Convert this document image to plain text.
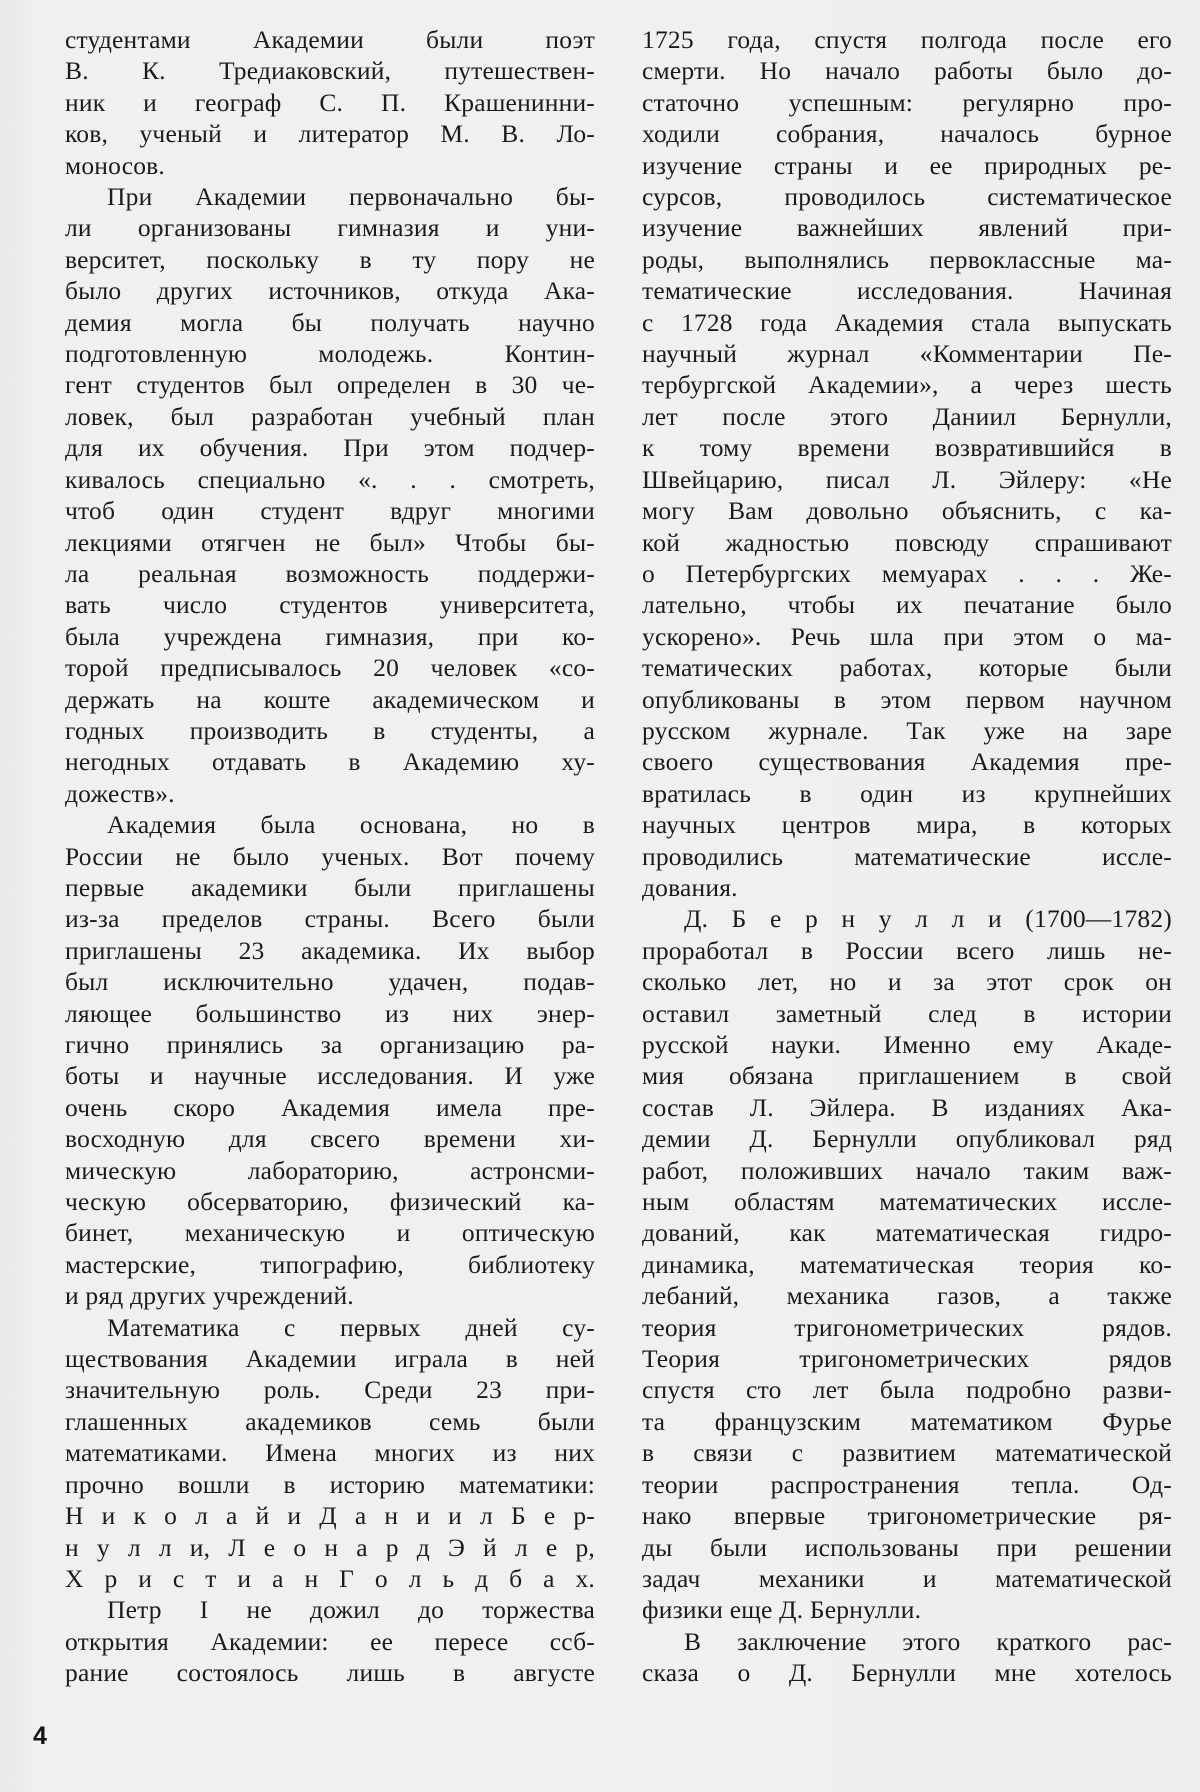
студентами Академии были поэт
В. К. Тредиаковский, путешествен-
ник и географ С. П. Крашенинни-
ков, ученый и литератор М. В. Ло-
моносов.
При Академии первоначально бы-
ли организованы гимназия и уни-
верситет, поскольку в ту пору не
было других источников, откуда Ака-
демия могла бы получать научно
подготовленную молодежь. Контин-
гент студентов был определен в 30 че-
ловек, был разработан учебный план
для их обучения. При этом подчер-
кивалось специально «. . . смотреть,
чтоб один студент вдруг многими
лекциями отягчен не был» Чтобы бы-
ла реальная возможность поддержи-
вать число студентов университета,
была учреждена гимназия, при ко-
торой предписывалось 20 человек «со-
держать на коште академическом и
годных производить в студенты, а
негодных отдавать в Академию ху-
дожеств».
Академия была основана, но в
России не было ученых. Вот почему
первые академики были приглашены
из-за пределов страны. Всего были
приглашены 23 академика. Их выбор
был исключительно удачен, подав-
ляющее большинство из них энер-
гично принялись за организацию ра-
боты и научные исследования. И уже
очень скоро Академия имела пре-
восходную для свсего времени хи-
мическую лабораторию, астронсми-
ческую обсерваторию, физический ка-
бинет, механическую и оптическую
мастерские, типографию, библиотеку
и ряд других учреждений.
Математика с первых дней су-
ществования Академии играла в ней
значительную роль. Среди 23 при-
глашенных академиков семь были
математиками. Имена многих из них
прочно вошли в историю математики:
Н и к о л а й и Д а н и и л Б е р-
н у л л и, Л е о н а р д Э й л е р,
Х р и с т и а н Г о л ь д б а х.
Петр I не дожил до торжества
открытия Академии: ее пересе ссб-
рание состоялось лишь в августе
1725 года, спустя полгода после его
смерти. Но начало работы было до-
статочно успешным: регулярно про-
ходили собрания, началось бурное
изучение страны и ее природных ре-
сурсов, проводилось систематическое
изучение важнейших явлений при-
роды, выполнялись первоклассные ма-
тематические исследования. Начиная
с 1728 года Академия стала выпускать
научный журнал «Комментарии Пе-
тербургской Академии», а через шесть
лет после этого Даниил Бернулли,
к тому времени возвратившийся в
Швейцарию, писал Л. Эйлеру: «Не
могу Вам довольно объяснить, с ка-
кой жадностью повсюду спрашивают
о Петербургских мемуарах . . . Же-
лательно, чтобы их печатание было
ускорено». Речь шла при этом о ма-
тематических работах, которые были
опубликованы в этом первом научном
русском журнале. Так уже на заре
своего существования Академия пре-
вратилась в один из крупнейших
научных центров мира, в которых
проводились математические иссле-
дования.
Д. Б е р н у л л и (1700—1782)
проработал в России всего лишь не-
сколько лет, но и за этот срок он
оставил заметный след в истории
русской науки. Именно ему Акаде-
мия обязана приглашением в свой
состав Л. Эйлера. В изданиях Ака-
демии Д. Бернулли опубликовал ряд
работ, положивших начало таким важ-
ным областям математических иссле-
дований, как математическая гидро-
динамика, математическая теория ко-
лебаний, механика газов, а также
теория тригонометрических рядов.
Теория тригонометрических рядов
спустя сто лет была подробно разви-
та французским математиком Фурье
в связи с развитием математической
теории распространения тепла. Од-
нако впервые тригонометрические ря-
ды были использованы при решении
задач механики и математической
физики еще Д. Бернулли.
В заключение этого краткого рас-
сказа о Д. Бернулли мне хотелось
4
